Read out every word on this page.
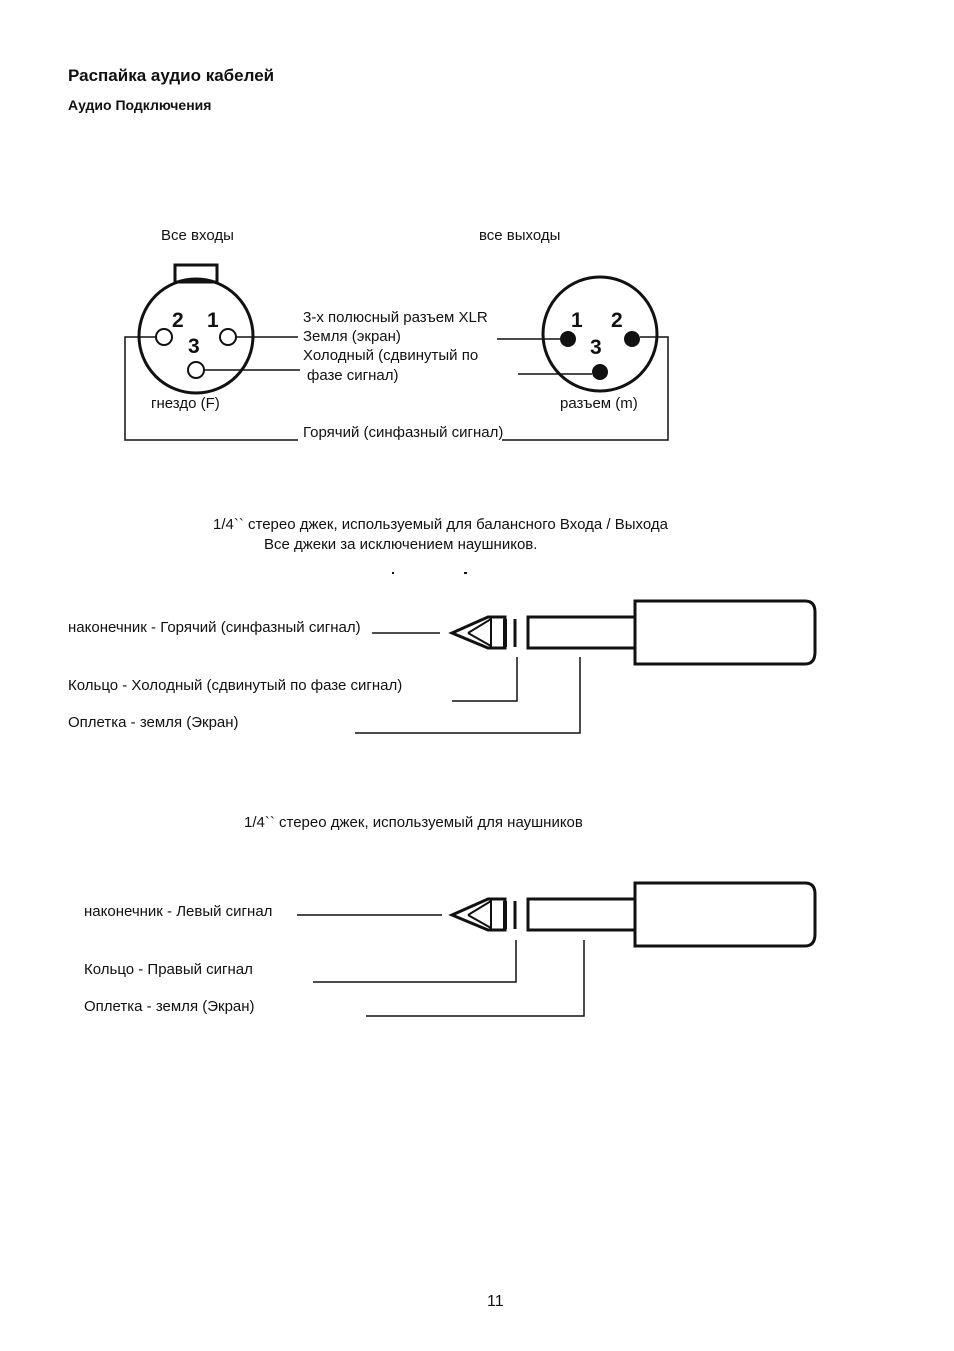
Распайка аудио кабелей
Аудио Подключения
2 1
3
1 2
3
Все входы	все выходы
3-х полюсный разъем XLR
Земля (экран)
Холодный (сдвинутый по
фазе сигнал)
гнездо (F)	разъем (m)
Горячий (синфазный сигнал)
1/4`` стерео джек, используемый для балансного Входа / Выхода
Все джеки за исключением наушников.
наконечник - Горячий (синфазный сигнал)
Кольцо - Холодный (сдвинутый по фазе сигнал)
Оплетка - земля (Экран)
1/4`` стерео джек, используемый для наушников
наконечник - Левый сигнал
Кольцо - Правый сигнал
Оплетка - земля (Экран)
11
